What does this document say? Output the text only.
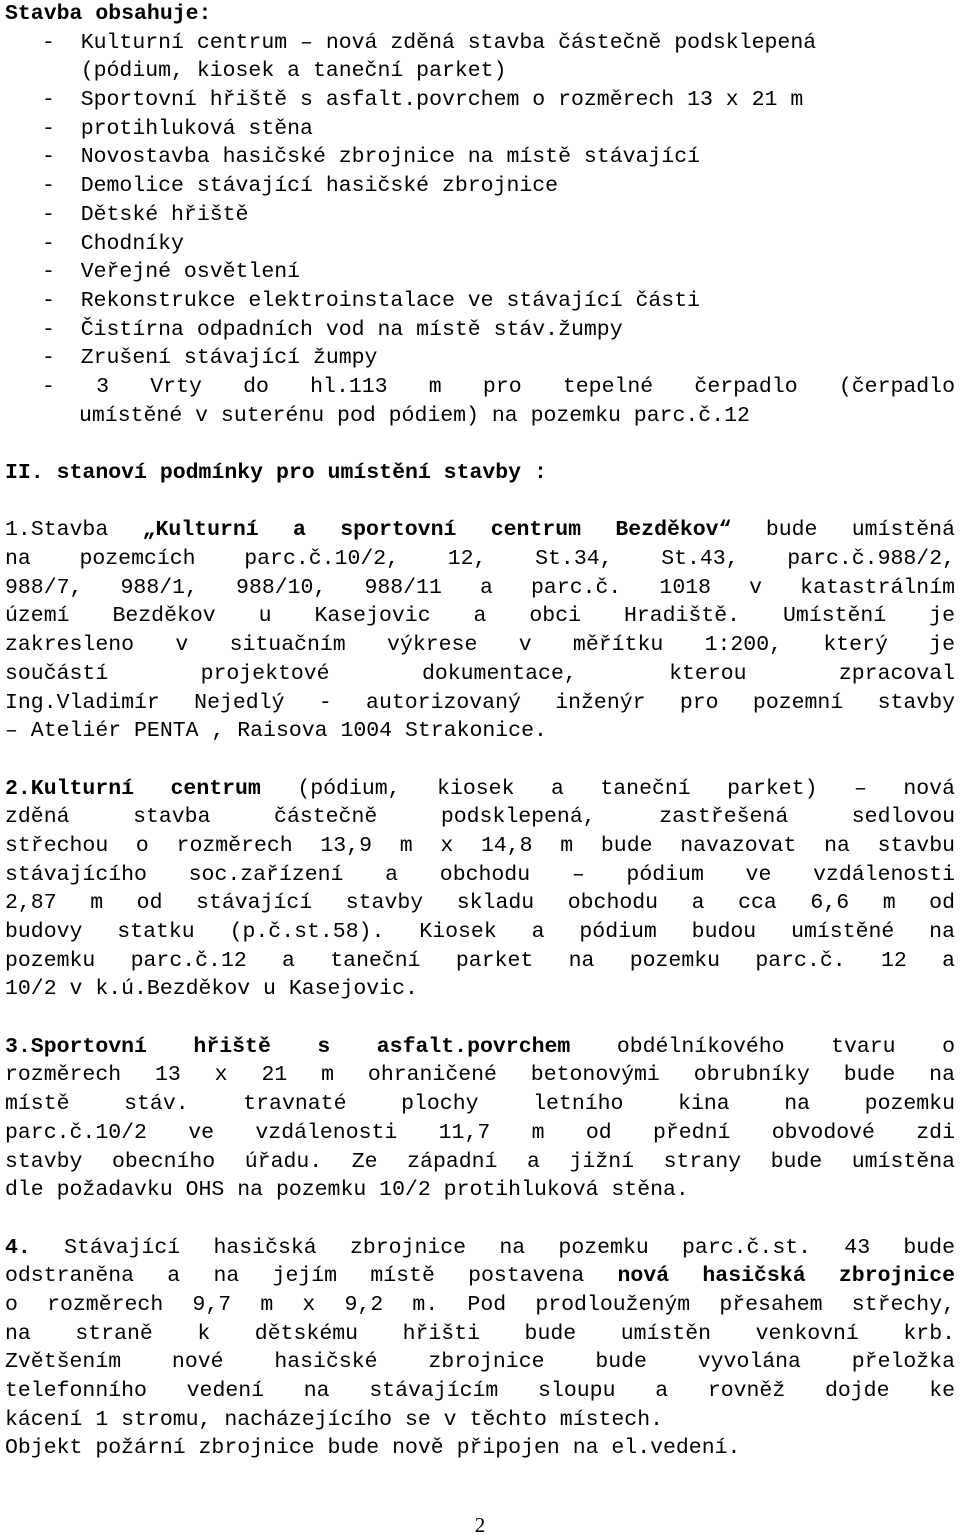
Stavba obsahuje:
-  Kulturní centrum – nová zděná stavba částečně podsklepená
(pódium, kiosek a taneční parket)
-  Sportovní hřiště s asfalt.povrchem o rozměrech 13 x 21 m
-  protihluková stěna
-  Novostavba hasičské zbrojnice na místě stávající
-  Demolice stávající hasičské zbrojnice
-  Dětské hřiště
-  Chodníky
-  Veřejné osvětlení
-  Rekonstrukce elektroinstalace ve stávající části
-  Čistírna odpadních vod na místě stáv.žumpy
-  Zrušení stávající žumpy
- 3 Vrty do hl.113 m pro tepelné čerpadlo (čerpadlo
umístěné v suterénu pod pódiem) na pozemku parc.č.12
II. stanoví podmínky pro umístění stavby :
1.Stavba „Kulturní a sportovní centrum Bezděkov“ bude umístěná
na pozemcích parc.č.10/2, 12, St.34, St.43, parc.č.988/2,
988/7, 988/1, 988/10, 988/11 a parc.č. 1018 v katastrálním
území Bezděkov u Kasejovic a obci Hradiště. Umístění je
zakresleno v situačním výkrese v měřítku 1:200, který je
součástí projektové dokumentace, kterou zpracoval
Ing.Vladimír Nejedlý - autorizovaný inženýr pro pozemní stavby
– Ateliér PENTA , Raisova 1004 Strakonice.
2.Kulturní centrum (pódium, kiosek a taneční parket) – nová
zděná stavba částečně podsklepená, zastřešená sedlovou
střechou o rozměrech 13,9 m x 14,8 m bude navazovat na stavbu
stávajícího soc.zařízení a obchodu – pódium ve vzdálenosti
2,87 m od stávající stavby skladu obchodu a cca 6,6 m od
budovy statku (p.č.st.58). Kiosek a pódium budou umístěné na
pozemku parc.č.12 a taneční parket na pozemku parc.č. 12 a
10/2 v k.ú.Bezděkov u Kasejovic.
3.Sportovní hřiště s asfalt.povrchem obdélníkového tvaru o
rozměrech 13 x 21 m ohraničené betonovými obrubníky bude na
místě stáv. travnaté plochy letního kina na pozemku
parc.č.10/2 ve vzdálenosti 11,7 m od přední obvodové zdi
stavby obecního úřadu. Ze západní a jižní strany bude umístěna
dle požadavku OHS na pozemku 10/2 protihluková stěna.
4. Stávající hasičská zbrojnice na pozemku parc.č.st. 43 bude
odstraněna a na jejím místě postavena nová hasičská zbrojnice
o rozměrech 9,7 m x 9,2 m. Pod prodlouženým přesahem střechy,
na straně k dětskému hřišti bude umístěn venkovní krb.
Zvětšením nové hasičské zbrojnice bude vyvolána přeložka
telefonního vedení na stávajícím sloupu a rovněž dojde ke
kácení 1 stromu, nacházejícího se v těchto místech.
Objekt požární zbrojnice bude nově připojen na el.vedení.
2
